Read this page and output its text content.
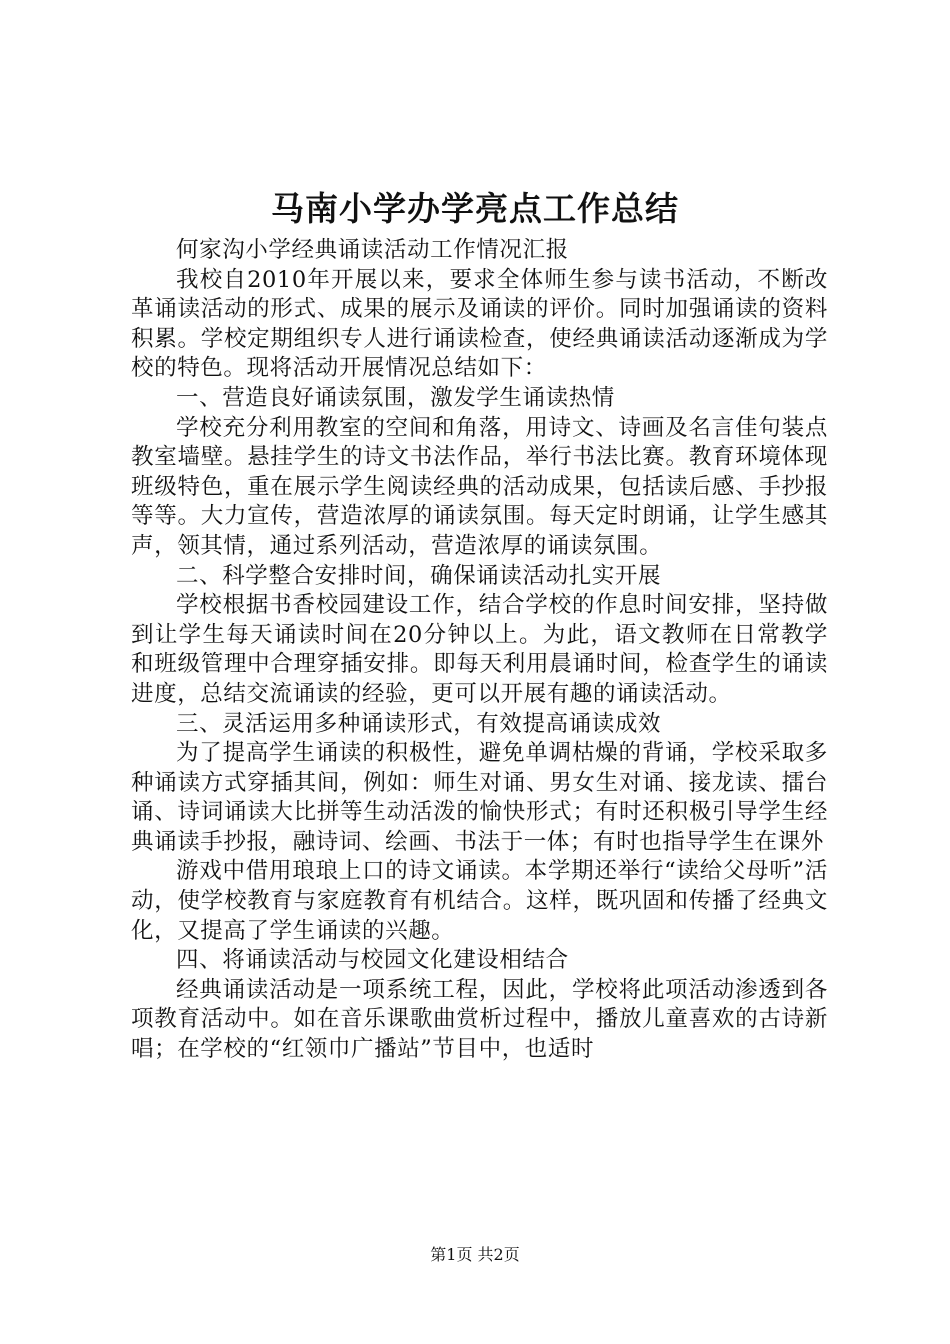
马南小学办学亮点工作总结

何家沟小学经典诵读活动工作情况汇报

我校自2010年开展以来，要求全体师生参与读书活动，不断改革诵读活动的形式、成果的展示及诵读的评价。同时加强诵读的资料积累。学校定期组织专人进行诵读检查，使经典诵读活动逐渐成为学校的特色。现将活动开展情况总结如下：

一、营造良好诵读氛围，激发学生诵读热情

学校充分利用教室的空间和角落，用诗文、诗画及名言佳句装点教室墙壁。悬挂学生的诗文书法作品，举行书法比赛。教育环境体现班级特色，重在展示学生阅读经典的活动成果，包括读后感、手抄报等等。大力宣传，营造浓厚的诵读氛围。每天定时朗诵，让学生感其声，领其情，通过系列活动，营造浓厚的诵读氛围。

二、科学整合安排时间，确保诵读活动扎实开展

学校根据书香校园建设工作，结合学校的作息时间安排，坚持做到让学生每天诵读时间在20分钟以上。为此，语文教师在日常教学和班级管理中合理穿插安排。即每天利用晨诵时间，检查学生的诵读进度，总结交流诵读的经验，更可以开展有趣的诵读活动。

三、灵活运用多种诵读形式，有效提高诵读成效

为了提高学生诵读的积极性，避免单调枯燥的背诵，学校采取多种诵读方式穿插其间，例如：师生对诵、男女生对诵、接龙读、擂台诵、诗词诵读大比拼等生动活泼的愉快形式；有时还积极引导学生经典诵读手抄报，融诗词、绘画、书法于一体；有时也指导学生在课外

游戏中借用琅琅上口的诗文诵读。本学期还举行“读给父母听”活动，使学校教育与家庭教育有机结合。这样，既巩固和传播了经典文化，又提高了学生诵读的兴趣。

四、将诵读活动与校园文化建设相结合

经典诵读活动是一项系统工程，因此，学校将此项活动渗透到各项教育活动中。如在音乐课歌曲赏析过程中，播放儿童喜欢的古诗新唱；在学校的“红领巾广播站”节目中，也适时

第1页 共2页
